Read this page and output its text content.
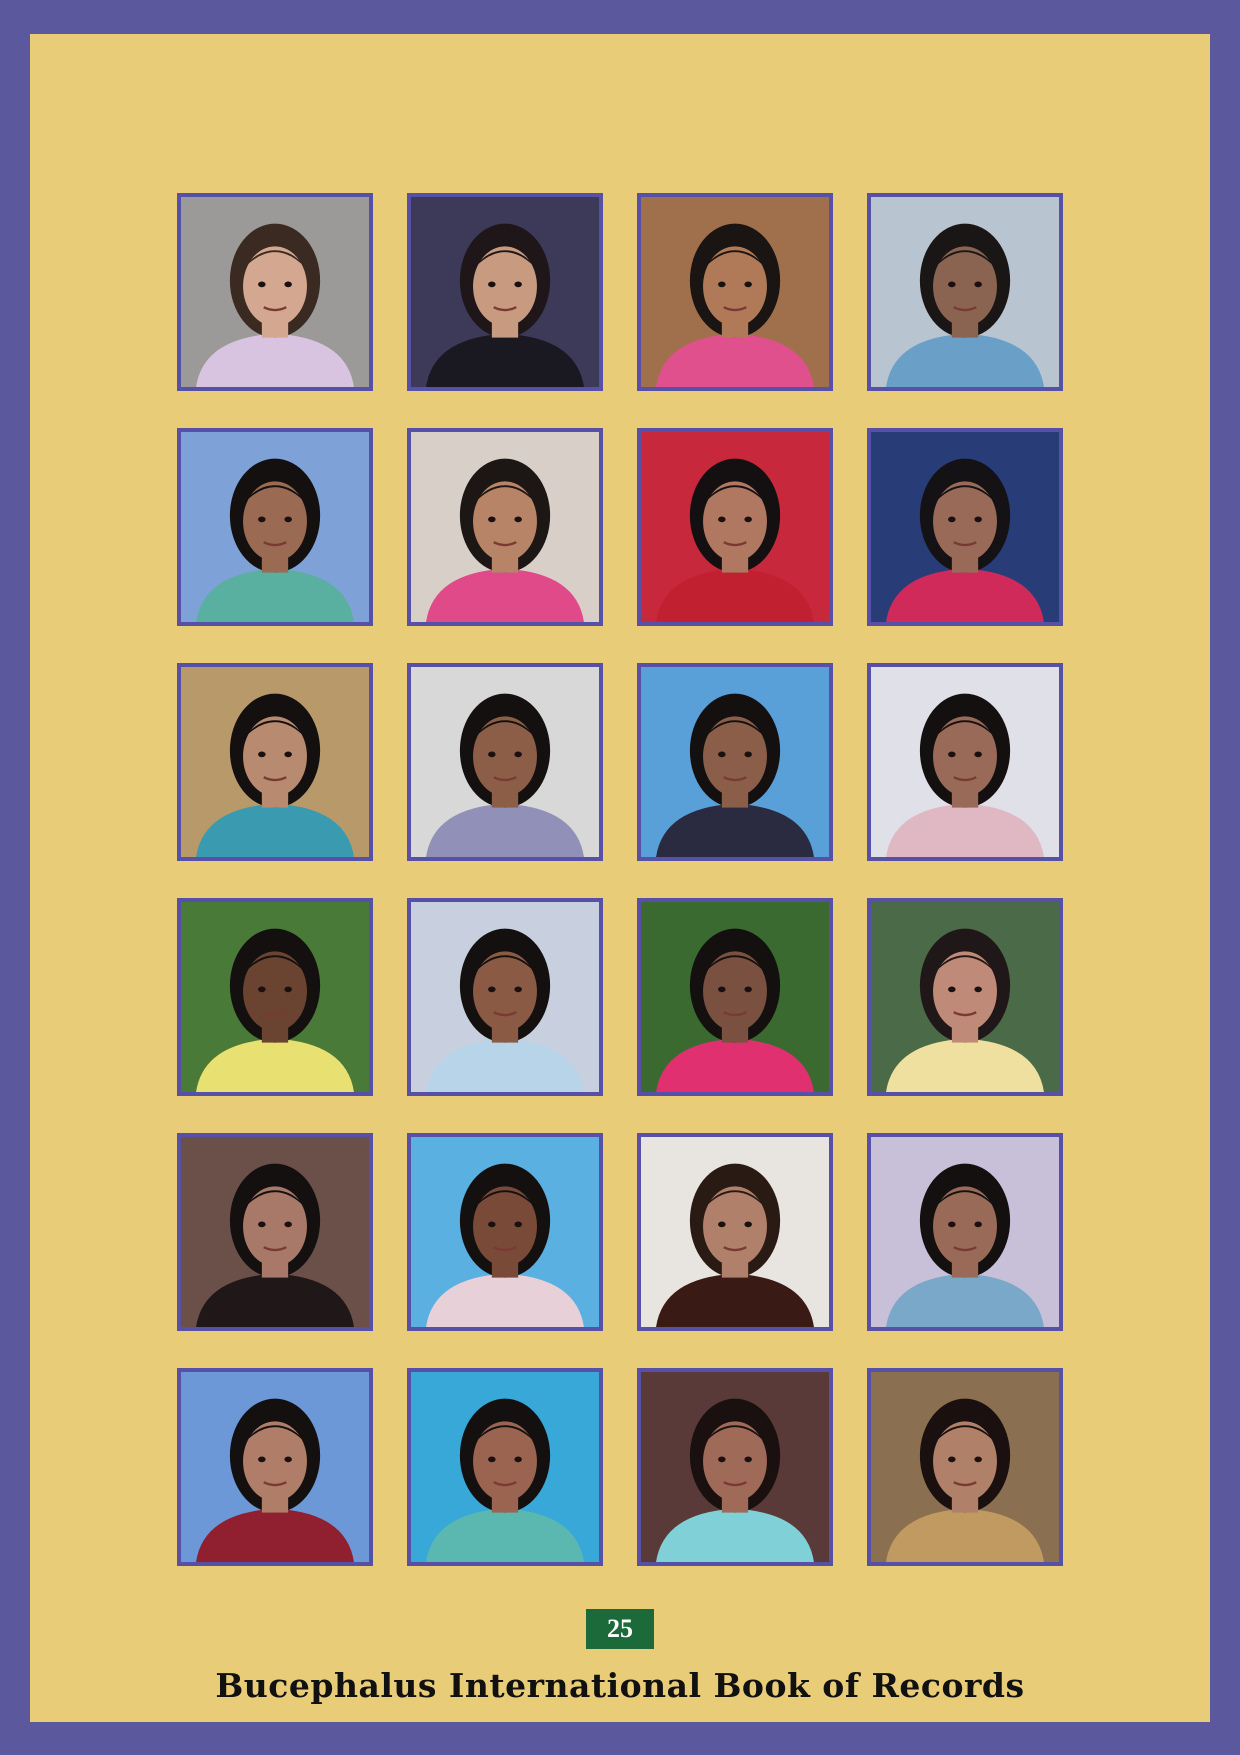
25
Bucephalus International Book of Records
